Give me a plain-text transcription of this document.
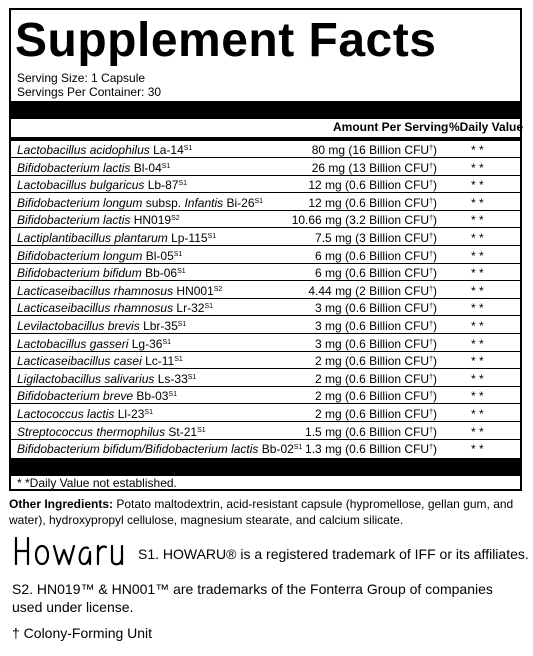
Supplement Facts
Serving Size: 1 Capsule
Servings Per Container: 30
Amount Per Serving %Daily Value
Lactobacillus acidophilus $La-14^{S1}$	80 mg (16 Billion CFU†)	* *
Bifidobacterium lactis $Bl-04^{S1}$	26 mg (13 Billion CFU†)	* *
Lactobacillus bulgaricus $Lb-87^{S1}$	12 mg (0.6 Billion CFU†)	* *
Bifidobacterium longum subsp. Infantis $Bi-26^{S1}$	12 mg (0.6 Billion CFU†)	* *
Bifidobacterium lactis $HN019^{S2}$	10.66 mg (3.2 Billion CFU†)	* *
Lactiplantibacillus plantarum $Lp-115^{S1}$	7.5 mg (3 Billion CFU†)	* *
Bifidobacterium longum $Bl-05^{S1}$	6 mg (0.6 Billion CFU†)	* *
Bifidobacterium bifidum $Bb-06^{S1}$	6 mg (0.6 Billion CFU†)	* *
Lacticaseibacillus rhamnosus $HN001^{S2}$	4.44 mg (2 Billion CFU†)	* *
Lacticaseibacillus rhamnosus $Lr-32^{S1}$	3 mg (0.6 Billion CFU†)	* *
Levilactobacillus brevis Lbr-$35^{S1}$	3 mg (0.6 Billion CFU†)	* *
Lactobacillus gasseri $Lg-36^{S1}$	3 mg (0.6 Billion CFU†)	* *
Lacticaseibacillus casei $Lc-11^{S1}$	2 mg (0.6 Billion CFU†)	* *
Ligilactobacillus salivarius $Ls-33^{S1}$	2 mg (0.6 Billion CFU†)	* *
Bifidobacterium breve $Bb-03^{S1}$	2 mg (0.6 Billion CFU†)	* *
Lactococcus lactis $Ll-23^{S1}$	2 mg (0.6 Billion CFU†)	* *
Streptococcus thermophilus $St-21^{S1}$	1.5 mg (0.6 Billion CFU†)	* *
Bifidobacterium bifidum/Bifidobacterium lactis $Bb-02^{S1}$ 1.3 mg (0.6 Billion CFU†)	* *
* *Daily Value not established.
Other Ingredients: Potato maltodextrin, acid-resistant capsule (hypromellose, gellan gum, and water), hydroxypropyl cellulose, magnesium stearate, and calcium silicate.
S1. HOWARU® is a registered trademark of IFF or its affiliates.
S2. HN019™ & HN001™ are trademarks of the Fonterra Group of companies used under license.
† Colony-Forming Unit
